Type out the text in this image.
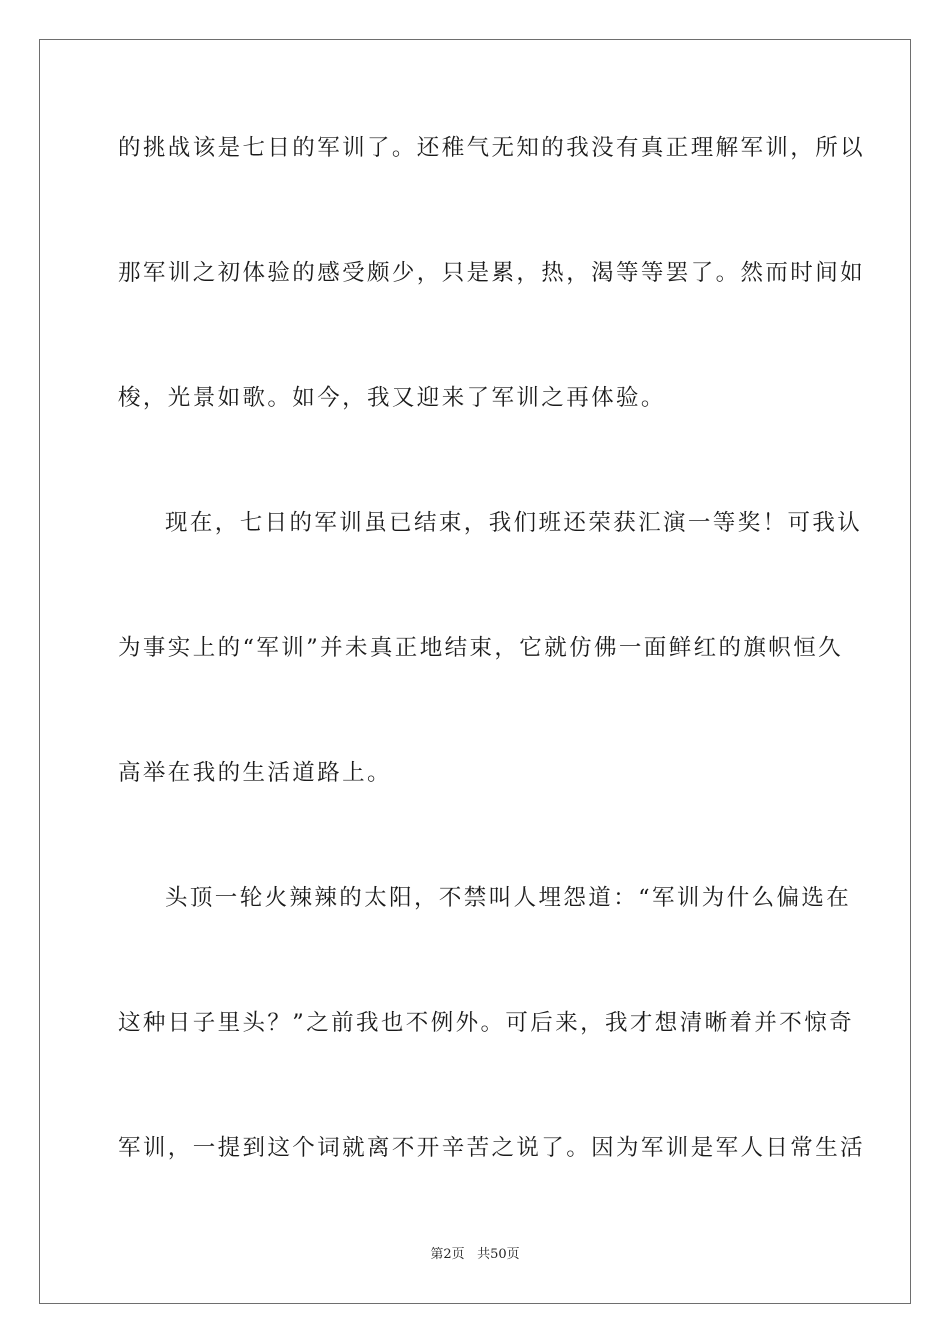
的挑战该是七日的军训了。还稚气无知的我没有真正理解军训，所以
那军训之初体验的感受颇少，只是累，热，渴等等罢了。然而时间如
梭，光景如歌。如今，我又迎来了军训之再体验。
现在，七日的军训虽已结束，我们班还荣获汇演一等奖！可我认
为事实上的“军训”并未真正地结束，它就仿佛一面鲜红的旗帜恒久
高举在我的生活道路上。
头顶一轮火辣辣的太阳，不禁叫人埋怨道：“军训为什么偏选在
这种日子里头？”之前我也不例外。可后来，我才想清晰着并不惊奇
军训，一提到这个词就离不开辛苦之说了。因为军训是军人日常生活
第2页 共50页
